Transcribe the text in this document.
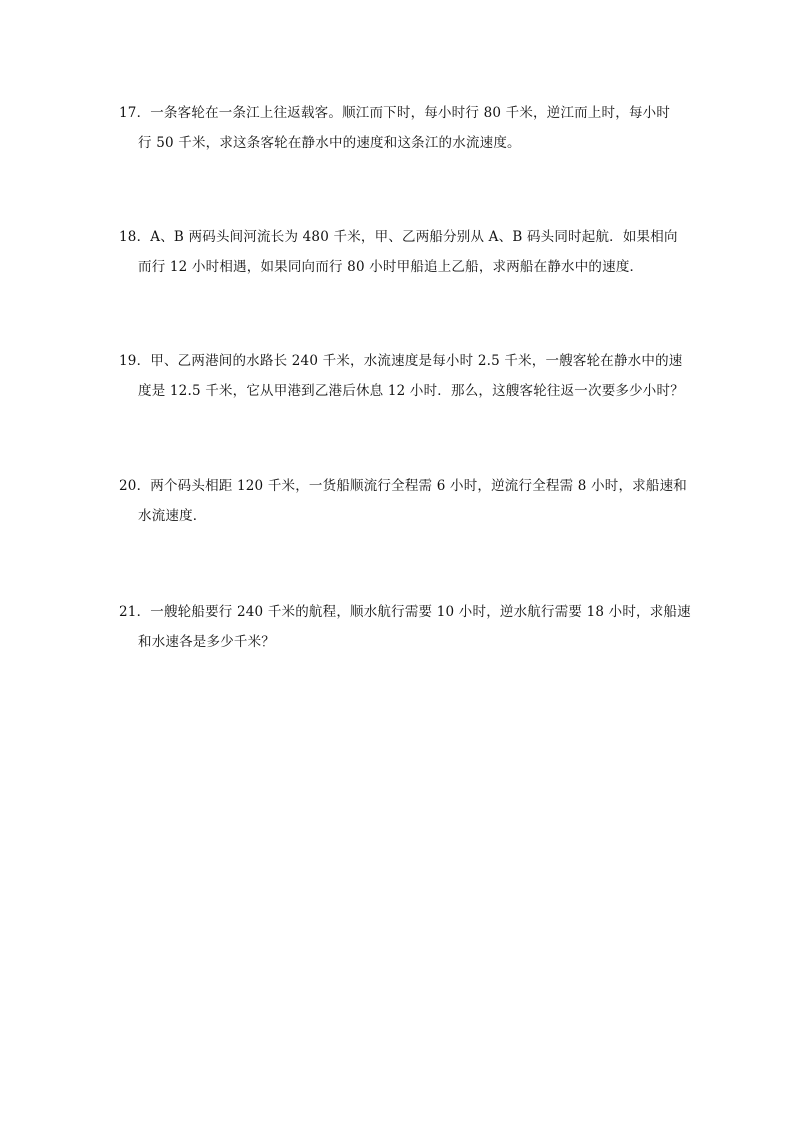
17．一条客轮在一条江上往返载客。顺江而下时，每小时行 80 千米，逆江而上时，每小时
行 50 千米，求这条客轮在静水中的速度和这条江的水流速度。
18．A、B 两码头间河流长为 480 千米，甲、乙两船分别从 A、B 码头同时起航．如果相向
而行 12 小时相遇，如果同向而行 80 小时甲船追上乙船，求两船在静水中的速度．
19．甲、乙两港间的水路长 240 千米，水流速度是每小时 2.5 千米，一艘客轮在静水中的速
度是 12.5 千米，它从甲港到乙港后休息 12 小时．那么，这艘客轮往返一次要多少小时？
20．两个码头相距 120 千米，一货船顺流行全程需 6 小时，逆流行全程需 8 小时，求船速和
水流速度．
21．一艘轮船要行 240 千米的航程，顺水航行需要 10 小时，逆水航行需要 18 小时，求船速
和水速各是多少千米？
